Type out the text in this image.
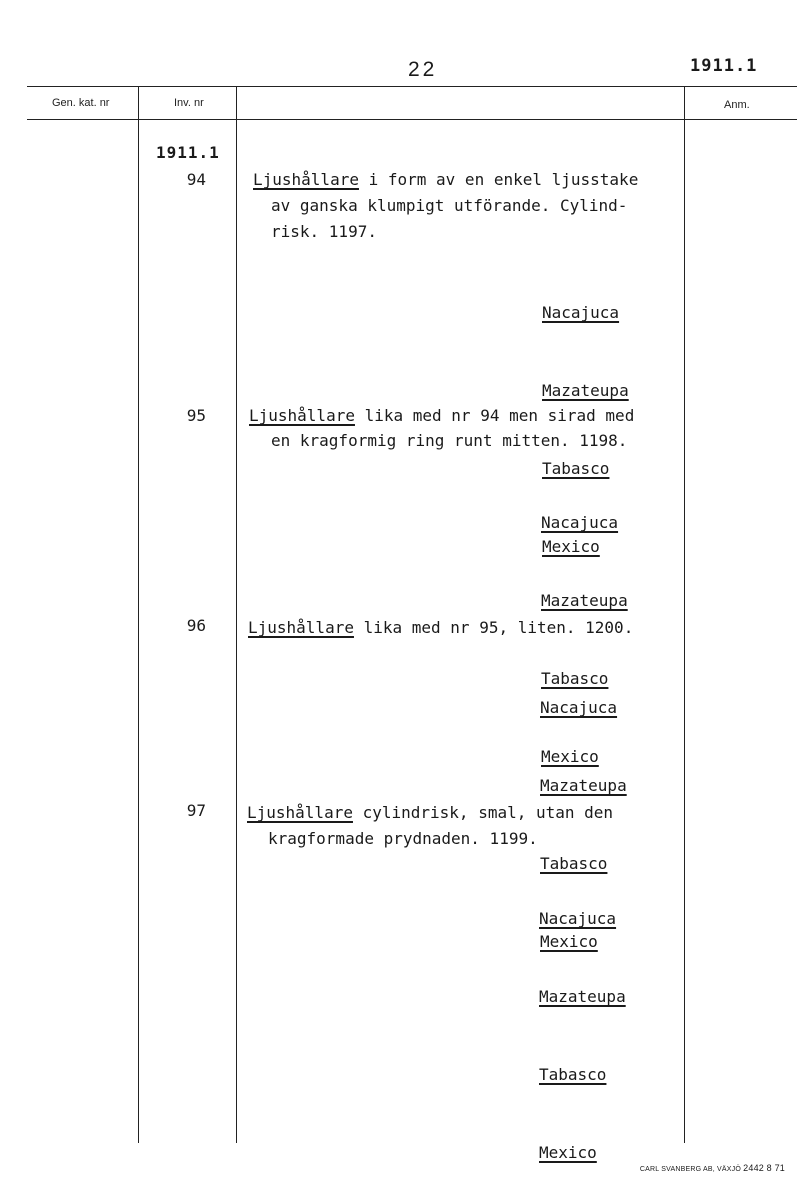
22	1911.1
Gen. kat. nr	Inv. nr	Anm.
1911.1
94	Ljushållare i form av en enkel ljusstake
av ganska klumpigt utförande. Cylind-
risk. 1197.

Nacajuca

Mazateupa

Tabasco

Mexico

95	Ljushållare lika med nr 94 men sirad med
en kragformig ring runt mitten. 1198.

Nacajuca

Mazateupa

Tabasco

Mexico

96	Ljushållare lika med nr 95, liten. 1200.

Nacajuca

Mazateupa

Tabasco

Mexico

97	Ljushållare cylindrisk, smal, utan den
kragformade prydnaden. 1199.

Nacajuca

Mazateupa

Tabasco

Mexico

CARL SVANBERG AB, VÄXJÖ 2442 8 71
